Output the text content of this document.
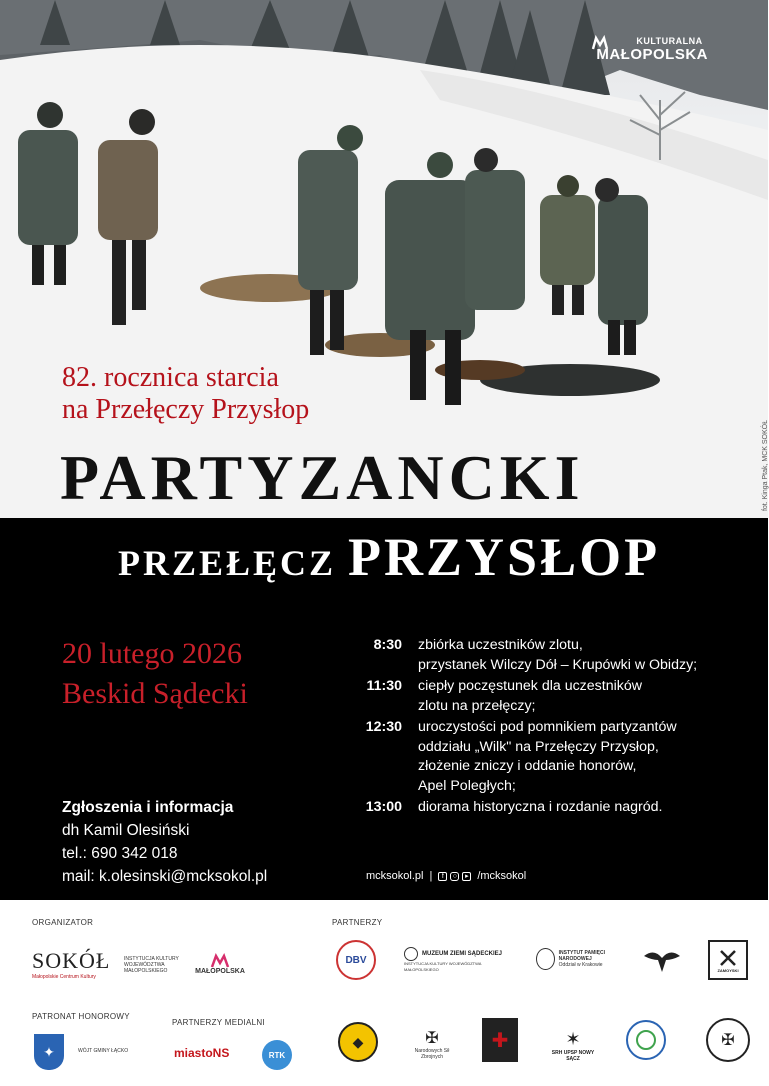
KULTURALNA
MAŁOPOLSKA
fot. Kinga Ptak, MCK SOKÓŁ
82. rocznica starcia
na Przełęczy Przysłop
PARTYZANCKI
PRZEŁĘCZ PRZYSŁOP
20 lutego 2026
Beskid Sądecki
Zgłoszenia i informacja
dh Kamil Olesiński
tel.: 690 342 018
mail: k.olesinski@mcksokol.pl
8:30 zbiórka uczestników zlotu,
przystanek Wilczy Dół – Krupówki w Obidzy;
11:30 ciepły poczęstunek dla uczestników
zlotu na przełęczy;
12:30 uroczystości pod pomnikiem partyzantów
oddziału „Wilk" na Przełęczy Przysłop,
złożenie zniczy i oddanie honorów,
Apel Poległych;
13:00 diorama historyczna i rozdanie nagród.
mcksokol.pl |	f	○	▸ /mcksokol
ORGANIZATOR	PARTNERZY
PATRONAT HONOROWY
PARTNERZY MEDIALNI
SOKÓŁ
Małopolskie Centrum Kultury
INSTYTUCJA KULTURY WOJEWÓDZTWA MAŁOPOLSKIEGO	MAŁOPOLSKA
DBV
MUZEUM ZIEMI SĄDECKIEJ
INSTYTUCJA KULTURY WOJEWÓDZTWA MAŁOPOLSKIEGO
INSTYTUT PAMIĘCI NARODOWEJ
Oddział w Krakowie
ZAMOYSKI
✦	WÓJT GMINY ŁĄCKO	miastoNS	RTK
◆	✠
Narodowych Sił Zbrojnych
✚	✶
SRH UPSP NOWY SĄCZ
✠
